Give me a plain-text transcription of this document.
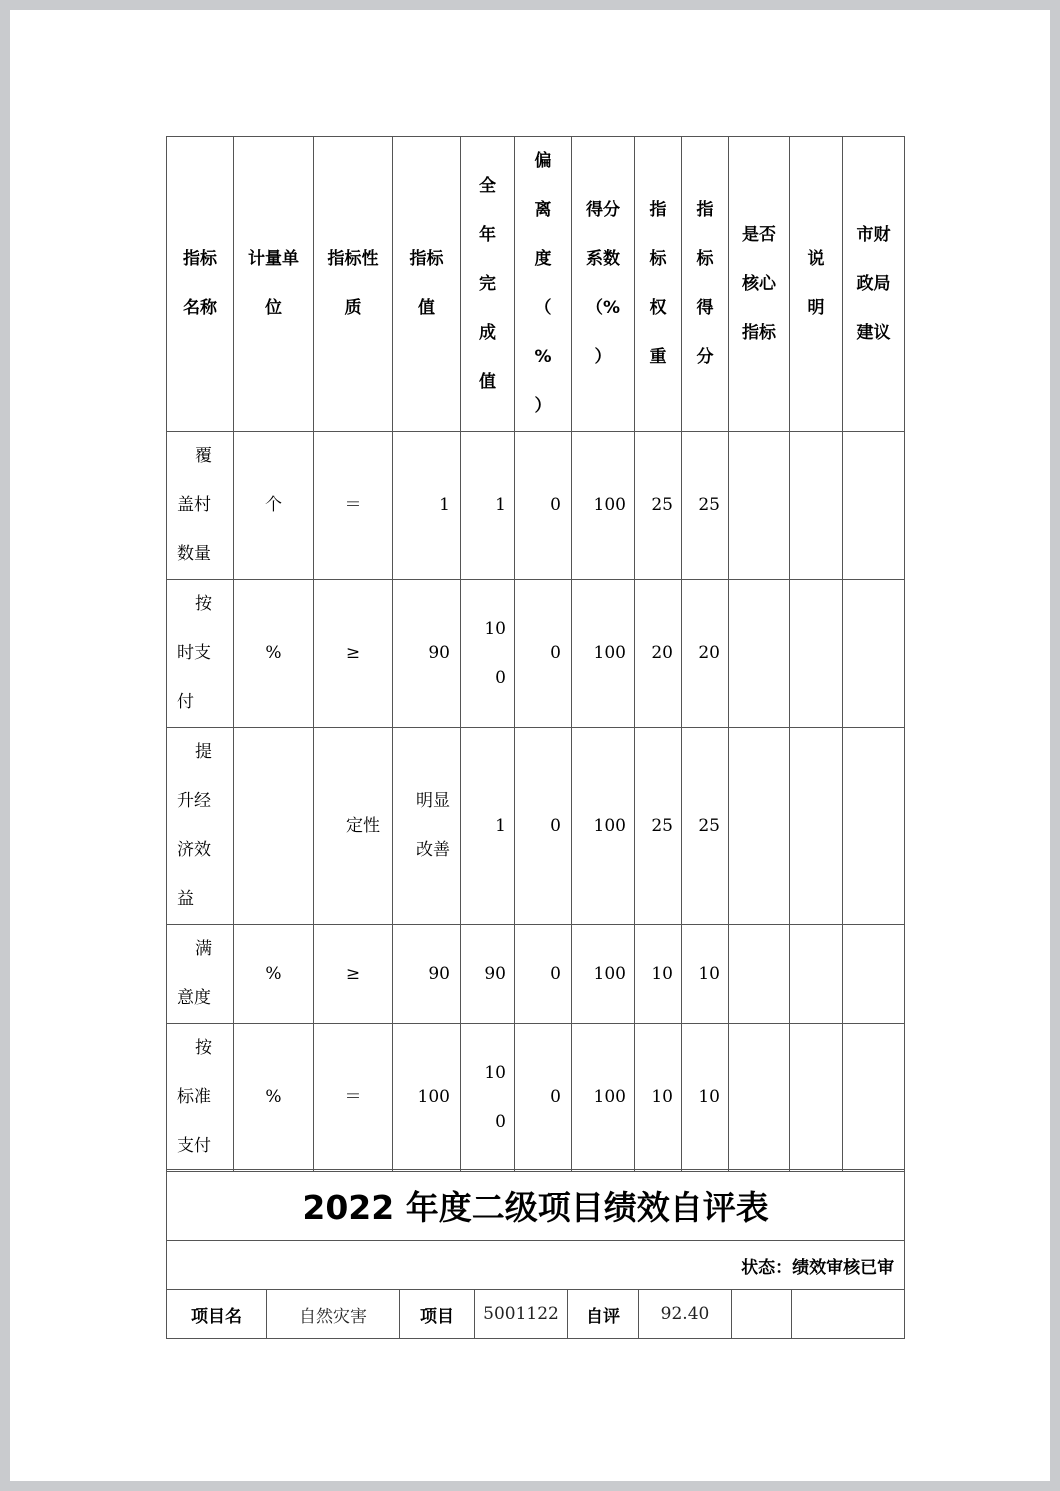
指标名称	计量单位	指标性质	指标值	全年完成值	偏离度（%）	得分系数（%）	指标权重	指标得分	是否核心指标	说明	市财政局建议
覆盖村数量	个	＝	1	1	0	100	25	25			
按时支付	%	≥	90	100	0	100	20	20			
提升经济效益		定性	明显改善	1	0	100	25	25			
满意度	%	≥	90	90	0	100	10	10			
按标准支付	%	＝	100	100	0	100	10	10			
2022 年度二级项目绩效自评表
状态：绩效审核已审
项目名	自然灾害	项目	5001122	自评	92.40		
